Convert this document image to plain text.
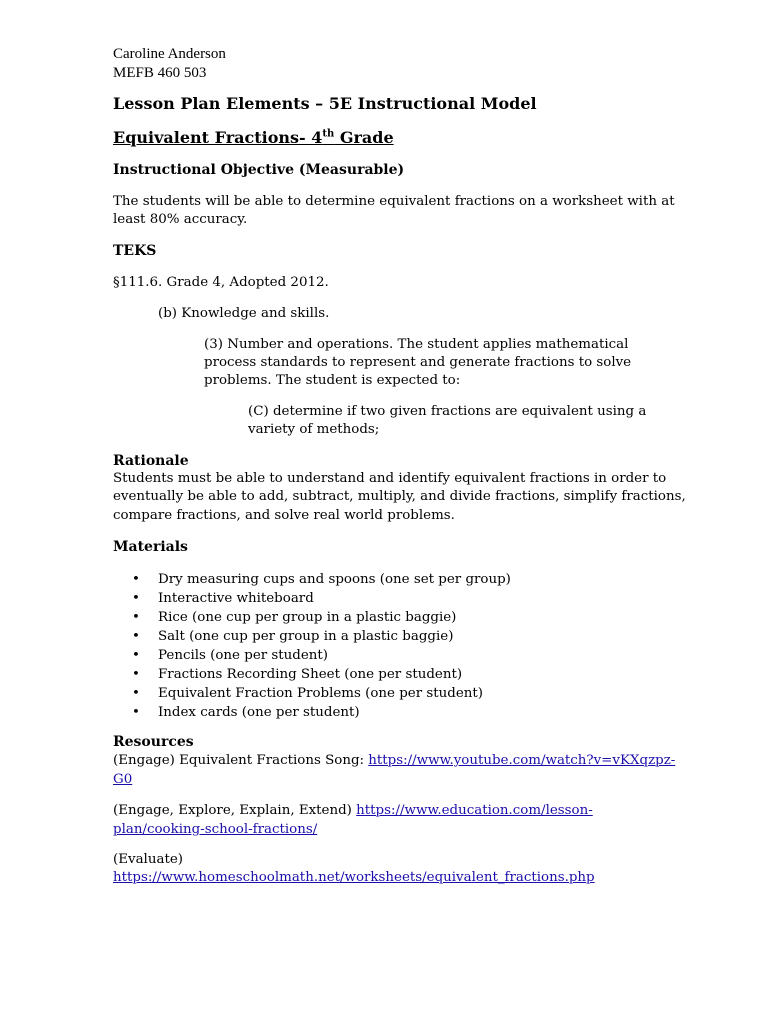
Caroline Anderson
MEFB 460 503
Lesson Plan Elements – 5E Instructional Model
Equivalent Fractions- 4th Grade
Instructional Objective (Measurable)
The students will be able to determine equivalent fractions on a worksheet with at
least 80% accuracy.
TEKS
§111.6. Grade 4, Adopted 2012.
(b) Knowledge and skills.
(3) Number and operations. The student applies mathematical
process standards to represent and generate fractions to solve
problems. The student is expected to:
(C) determine if two given fractions are equivalent using a
variety of methods;
Rationale
Students must be able to understand and identify equivalent fractions in order to
eventually be able to add, subtract, multiply, and divide fractions, simplify fractions,
compare fractions, and solve real world problems.
Materials
• Dry measuring cups and spoons (one set per group)
• Interactive whiteboard
• Rice (one cup per group in a plastic baggie)
• Salt (one cup per group in a plastic baggie)
• Pencils (one per student)
• Fractions Recording Sheet (one per student)
• Equivalent Fraction Problems (one per student)
• Index cards (one per student)
Resources
(Engage) Equivalent Fractions Song: https://www.youtube.com/watch?v=vKXqzpz-
G0
(Engage, Explore, Explain, Extend) https://www.education.com/lesson-
plan/cooking-school-fractions/
(Evaluate)
https://www.homeschoolmath.net/worksheets/equivalent_fractions.php
